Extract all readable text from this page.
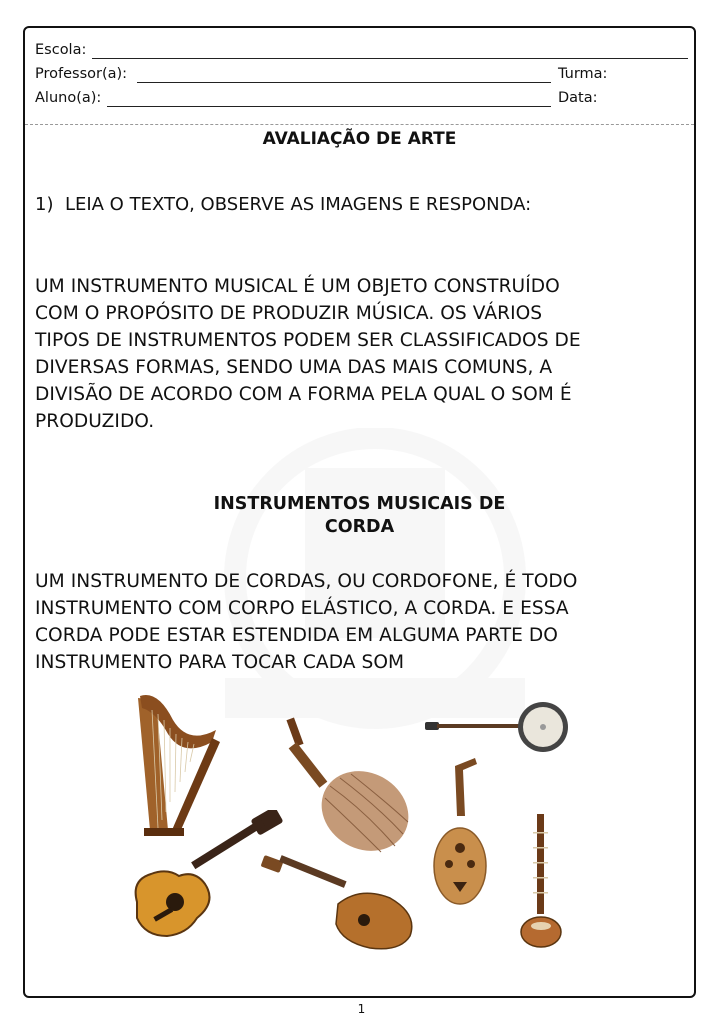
Escola:
Professor(a):	Turma:
Aluno(a):	Data:
AVALIAÇÃO DE ARTE
1) LEIA O TEXTO, OBSERVE AS IMAGENS E RESPONDA:
UM INSTRUMENTO MUSICAL É UM OBJETO CONSTRUÍDO
COM O PROPÓSITO DE PRODUZIR MÚSICA. OS VÁRIOS
TIPOS DE INSTRUMENTOS PODEM SER CLASSIFICADOS DE
DIVERSAS FORMAS, SENDO UMA DAS MAIS COMUNS, A
DIVISÃO DE ACORDO COM A FORMA PELA QUAL O SOM É
PRODUZIDO.
INSTRUMENTOS MUSICAIS DE
CORDA
UM INSTRUMENTO DE CORDAS, OU CORDOFONE, É TODO
INSTRUMENTO COM CORPO ELÁSTICO, A CORDA. E ESSA
CORDA PODE ESTAR ESTENDIDA EM ALGUMA PARTE DO
INSTRUMENTO PARA TOCAR CADA SOM
1
